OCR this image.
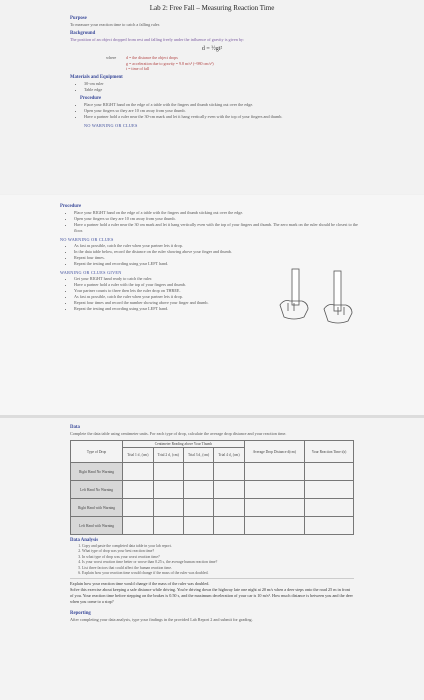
Lab 2: Free Fall – Measuring Reaction Time
Purpose

To measure your reaction time to catch a falling ruler.

Background

The position of an object dropped from rest and falling freely under the influence of gravity is given by:

d = ½gt²
where	d = the distance the object drops
g = acceleration due to gravity = 9.8 m/s² (~980 cm/s²)
t = time of fall
Materials and Equipment
• 30-cm ruler
• Table edge
Procedure
• Place your RIGHT hand on the edge of a table with the fingers and thumb sticking out over the edge.
• Open your fingers so they are 10 cm away from your thumb.
• Have a partner hold a ruler near the 30-cm mark and let it hang vertically even with the top of your fingers and thumb.
NO WARNING OR CLUES
Procedure
• Place your RIGHT hand on the edge of a table with the fingers and thumb sticking out over the edge.
• Open your fingers so they are 10 cm away from your thumb.
• Have a partner hold a ruler near the 30 cm mark and let it hang vertically even with the top of your fingers and thumb. The zero mark on the ruler should be closest to the floor.
NO WARNING OR CLUES
• As fast as possible, catch the ruler when your partner lets it drop.
• In the data table below, record the distance on the ruler showing above your finger and thumb.
• Repeat four times.
• Repeat the testing and recording using your LEFT hand.
WARNING OR CLUES GIVEN
• Get your RIGHT hand ready to catch the ruler.
• Have a partner hold a ruler with the top of your fingers and thumb.
• Your partner counts to three then lets the ruler drop on THREE.
• As fast as possible, catch the ruler when your partner lets it drop.
• Repeat four times and record the number showing above your finger and thumb.
• Repeat the testing and recording using your LEFT hand.
Data

Complete the data table using centimeter units. For each type of drop, calculate the average drop distance and your reaction time.

Type of Drop	Centimeter Reading above Your Thumb				Average Drop Distance d(cm)	Your Reaction Time t(s)
	Trial 1 d₁ (cm)	Trial 2 d₂ (cm)	Trial 3 d₃ (cm)	Trial 4 d₄ (cm)		
Right Hand No Warning						
Left Hand No Warning						
Right Hand with Warning						
Left Hand with Warning						
Data Analysis
1. Copy and paste the completed data table in your lab report.
2. What type of drop was your best reaction time?
3. In what type of drop was your worst reaction time?
4. Is your worst reaction time better or worse than 0.25 s, the average human reaction time?
5. List three factors that could affect the human reaction time.
6. Explain how your reaction time would change if the mass of the ruler was doubled.

Explain how your reaction time would change if the mass of the ruler was doubled.

Solve this exercise about keeping a safe distance while driving. You're driving down the highway late one night at 20 m/s when a deer steps onto the road 25 m in front of you. Your reaction time before stepping on the brakes is 0.50 s, and the maximum deceleration of your car is 10 m/s². How much distance is between you and the deer when you come to a stop?

Reporting

After completing your data analysis, type your findings in the provided Lab Report 2 and submit for grading.
